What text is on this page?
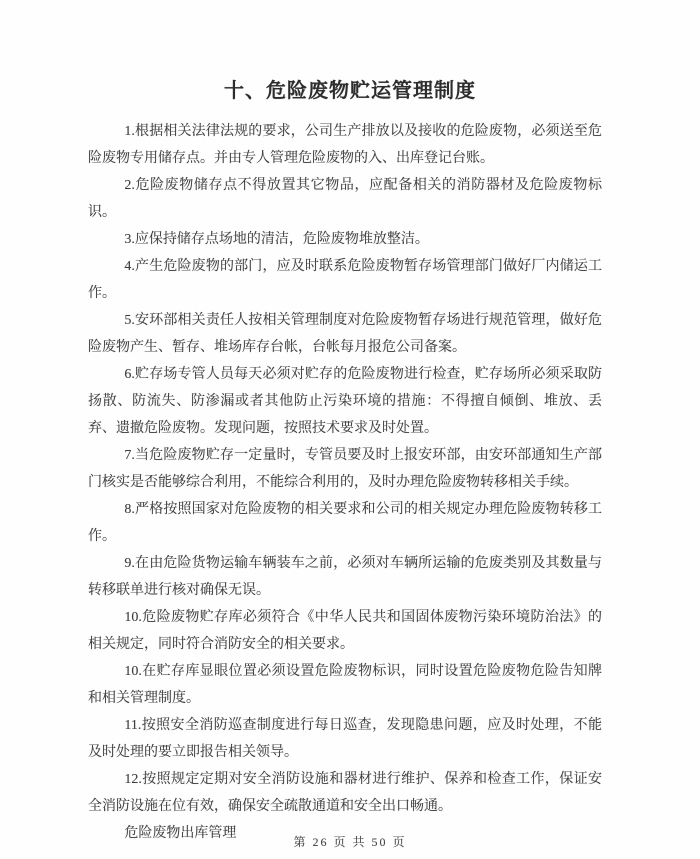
十、危险废物贮运管理制度

1.根据相关法律法规的要求，公司生产排放以及接收的危险废物，必须送至危险废物专用储存点。并由专人管理危险废物的入、出库登记台账。

2.危险废物储存点不得放置其它物品，应配备相关的消防器材及危险废物标识。

3.应保持储存点场地的清洁，危险废物堆放整洁。

4.产生危险废物的部门，应及时联系危险废物暂存场管理部门做好厂内储运工作。

5.安环部相关责任人按相关管理制度对危险废物暂存场进行规范管理，做好危险废物产生、暂存、堆场库存台帐，台帐每月报危公司备案。

6.贮存场专管人员每天必须对贮存的危险废物进行检查，贮存场所必须采取防扬散、防流失、防渗漏或者其他防止污染环境的措施：不得擅自倾倒、堆放、丢弃、遗撤危险废物。发现问题，按照技术要求及时处置。

7.当危险废物贮存一定量时，专管员要及时上报安环部，由安环部通知生产部门核实是否能够综合利用，不能综合利用的，及时办理危险废物转移相关手续。

8.严格按照国家对危险废物的相关要求和公司的相关规定办理危险废物转移工作。

9.在由危险货物运输车辆装车之前，必须对车辆所运输的危废类别及其数量与转移联单进行核对确保无误。

10.危险废物贮存库必须符合《中华人民共和国固体废物污染环境防治法》的相关规定，同时符合消防安全的相关要求。

10.在贮存库显眼位置必须设置危险废物标识，同时设置危险废物危险告知牌和相关管理制度。

11.按照安全消防巡查制度进行每日巡查，发现隐患问题，应及时处理，不能及时处理的要立即报告相关领导。

12.按照规定定期对安全消防设施和器材进行维护、保养和检查工作，保证安全消防设施在位有效，确保安全疏散通道和安全出口畅通。

危险废物出库管理

第 26 页 共 50 页
